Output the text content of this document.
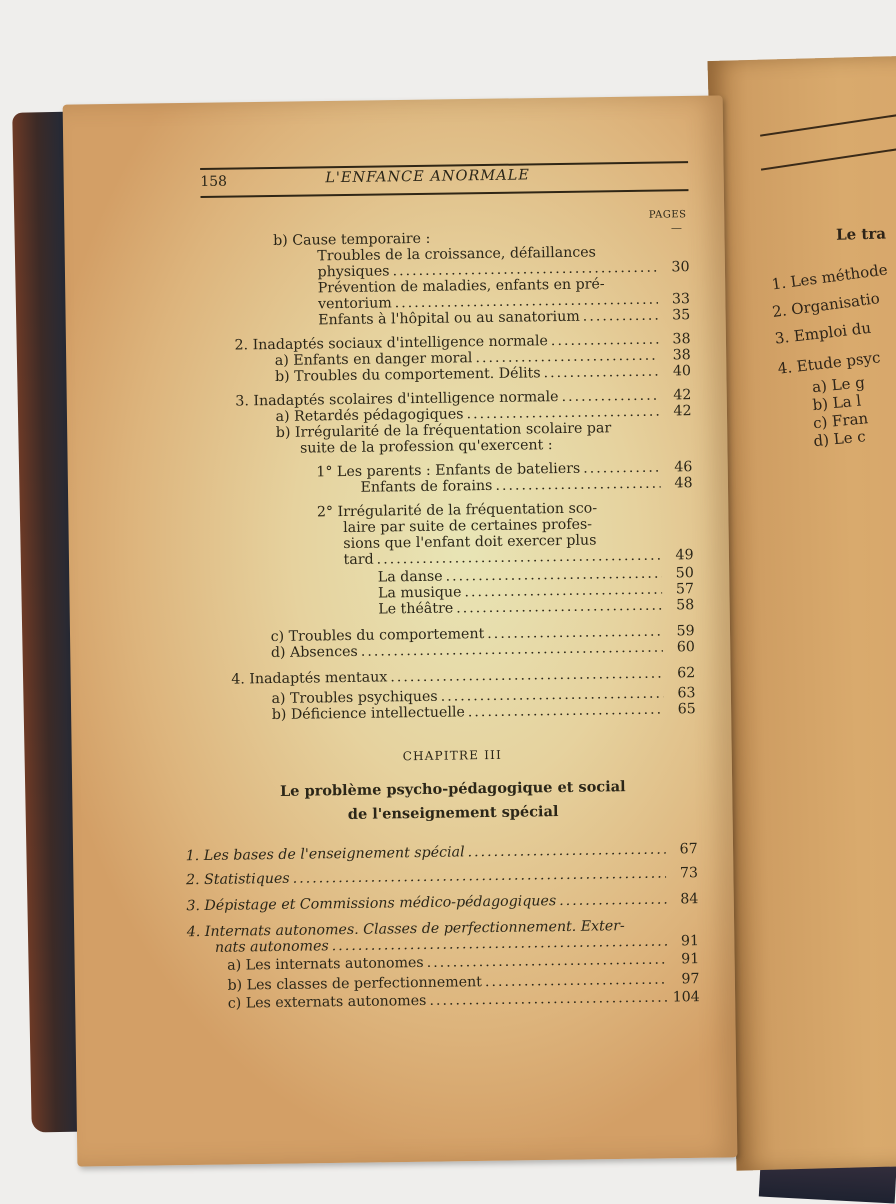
Le tra
1. Les méthode
2. Organisatio
3. Emploi du
4. Etude psyc
a) Le g
b) La l
c) Fran
d) Le c
158	L'ENFANCE ANORMALE
PAGES
—
b) Cause temporaire :
Troubles de la croissance, défaillances
physiques .....	30
Prévention de maladies, enfants en pré-
ventorium .....	33
Enfants à l'hôpital ou au sanatorium .....	35
2. Inadaptés sociaux d'intelligence normale .....	38
a) Enfants en danger moral .....	38
b) Troubles du comportement. Délits .....	40
3. Inadaptés scolaires d'intelligence normale .....	42
a) Retardés pédagogiques .....	42
b) Irrégularité de la fréquentation scolaire par
suite de la profession qu'exercent :
1° Les parents : Enfants de bateliers .....	46
Enfants de forains .....	48
2° Irrégularité de la fréquentation sco-
laire par suite de certaines profes-
sions que l'enfant doit exercer plus
tard .....	49
La danse .....	50
La musique .....	57
Le théâtre .....	58
c) Troubles du comportement .....	59
d) Absences .....	60
4. Inadaptés mentaux .....	62
a) Troubles psychiques .....	63
b) Déficience intellectuelle .....	65
CHAPITRE III
Le problème psycho-pédagogique et social
de l'enseignement spécial
1. Les bases de l'enseignement spécial .....	67
2. Statistiques .....	73
3. Dépistage et Commissions médico-pédagogiques .....	84
4. Internats autonomes. Classes de perfectionnement. Exter-
nats autonomes .....	91
a) Les internats autonomes .....	91
b) Les classes de perfectionnement .....	97
c) Les externats autonomes .....	104
